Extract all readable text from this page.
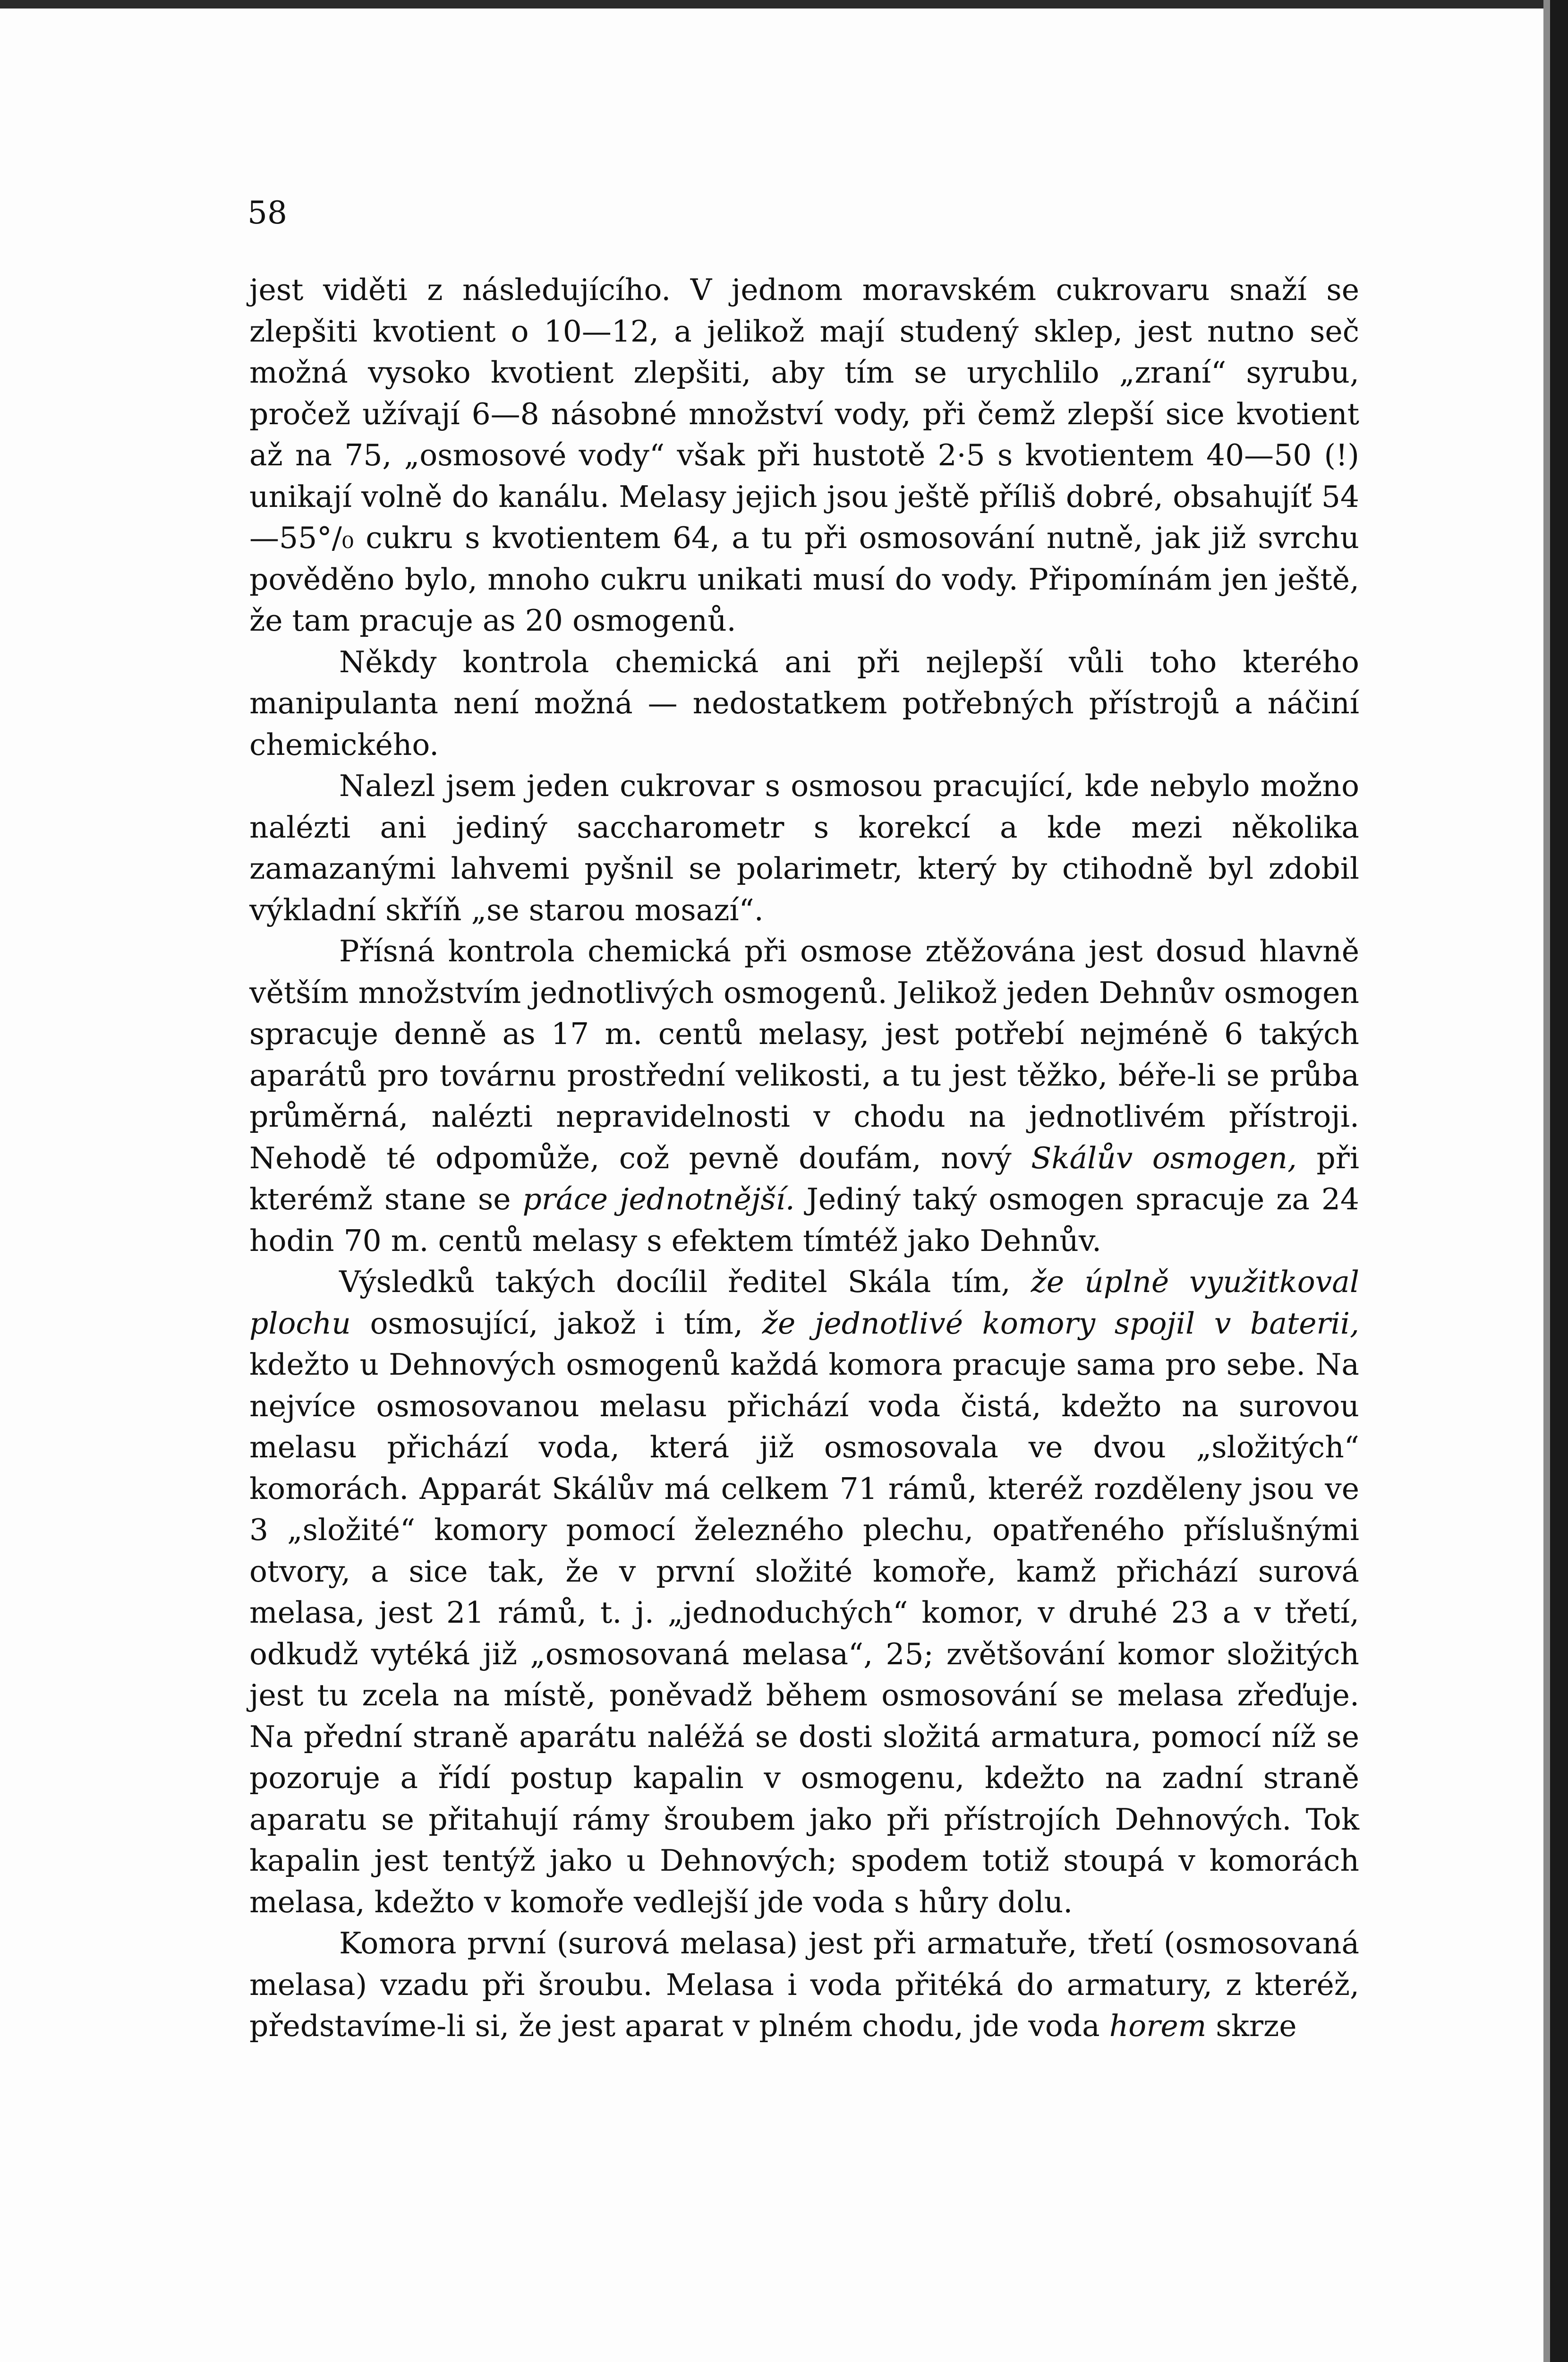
58

jest viděti z následujícího. V jednom moravském cukrovaru snaží se zlepšiti kvotient o 10—12, a jelikož mají studený sklep, jest nutno seč možná vysoko kvotient zlepšiti, aby tím se urychlilo „zraní“ syrubu, pročež užívají 6—8 násobné množství vody, při čemž zlepší sice kvotient až na 75, „osmosové vody“ však při hustotě 2·5 s kvotientem 40—50 (!) unikají volně do kanálu. Melasy jejich jsou ještě příliš dobré, obsahujíť 54—55°/₀ cukru s kvotientem 64, a tu při osmosování nutně, jak již svrchu pověděno bylo, mnoho cukru unikati musí do vody. Připomínám jen ještě, že tam pracuje as 20 osmogenů.

Někdy kontrola chemická ani při nejlepší vůli toho kterého manipulanta není možná — nedostatkem potřebných přístrojů a náčiní chemického.

Nalezl jsem jeden cukrovar s osmosou pracující, kde nebylo možno nalézti ani jediný saccharometr s korekcí a kde mezi několika zamazanými lahvemi pyšnil se polarimetr, který by ctihodně byl zdobil výkladní skříň „se starou mosazí“.

Přísná kontrola chemická při osmose ztěžována jest dosud hlavně větším množstvím jednotlivých osmogenů. Jelikož jeden Dehnův osmogen spracuje denně as 17 m. centů melasy, jest potřebí nejméně 6 takých aparátů pro továrnu prostřední velikosti, a tu jest těžko, béře-li se průba průměrná, nalézti nepravidelnosti v chodu na jednotlivém přístroji. Nehodě té odpomůže, což pevně doufám, nový Skálův osmogen, při kterémž stane se práce jednotnější. Jediný taký osmogen spracuje za 24 hodin 70 m. centů melasy s efektem tímtéž jako Dehnův.

Výsledků takých docílil ředitel Skála tím, že úplně využitkoval plochu osmosující, jakož i tím, že jednotlivé komory spojil v baterii, kdežto u Dehnových osmogenů každá komora pracuje sama pro sebe. Na nejvíce osmosovanou melasu přichází voda čistá, kdežto na surovou melasu přichází voda, která již osmosovala ve dvou „složitých“ komorách. Apparát Skálův má celkem 71 rámů, kteréž rozděleny jsou ve 3 „složité“ komory pomocí železného plechu, opatřeného příslušnými otvory, a sice tak, že v první složité komoře, kamž přichází surová melasa, jest 21 rámů, t. j. „jednoduchých“ komor, v druhé 23 a v třetí, odkudž vytéká již „osmosovaná melasa“, 25; zvětšování komor složitých jest tu zcela na místě, poněvadž během osmosování se melasa zřeďuje. Na přední straně aparátu naléžá se dosti složitá armatura, pomocí níž se pozoruje a řídí postup kapalin v osmogenu, kdežto na zadní straně aparatu se přitahují rámy šroubem jako při přístrojích Dehnových. Tok kapalin jest tentýž jako u Dehnových; spodem totiž stoupá v komorách melasa, kdežto v komoře vedlejší jde voda s hůry dolu.

Komora první (surová melasa) jest při armatuře, třetí (osmosovaná melasa) vzadu při šroubu. Melasa i voda přitéká do armatury, z kteréž, představíme-li si, že jest aparat v plném chodu, jde voda horem skrze
